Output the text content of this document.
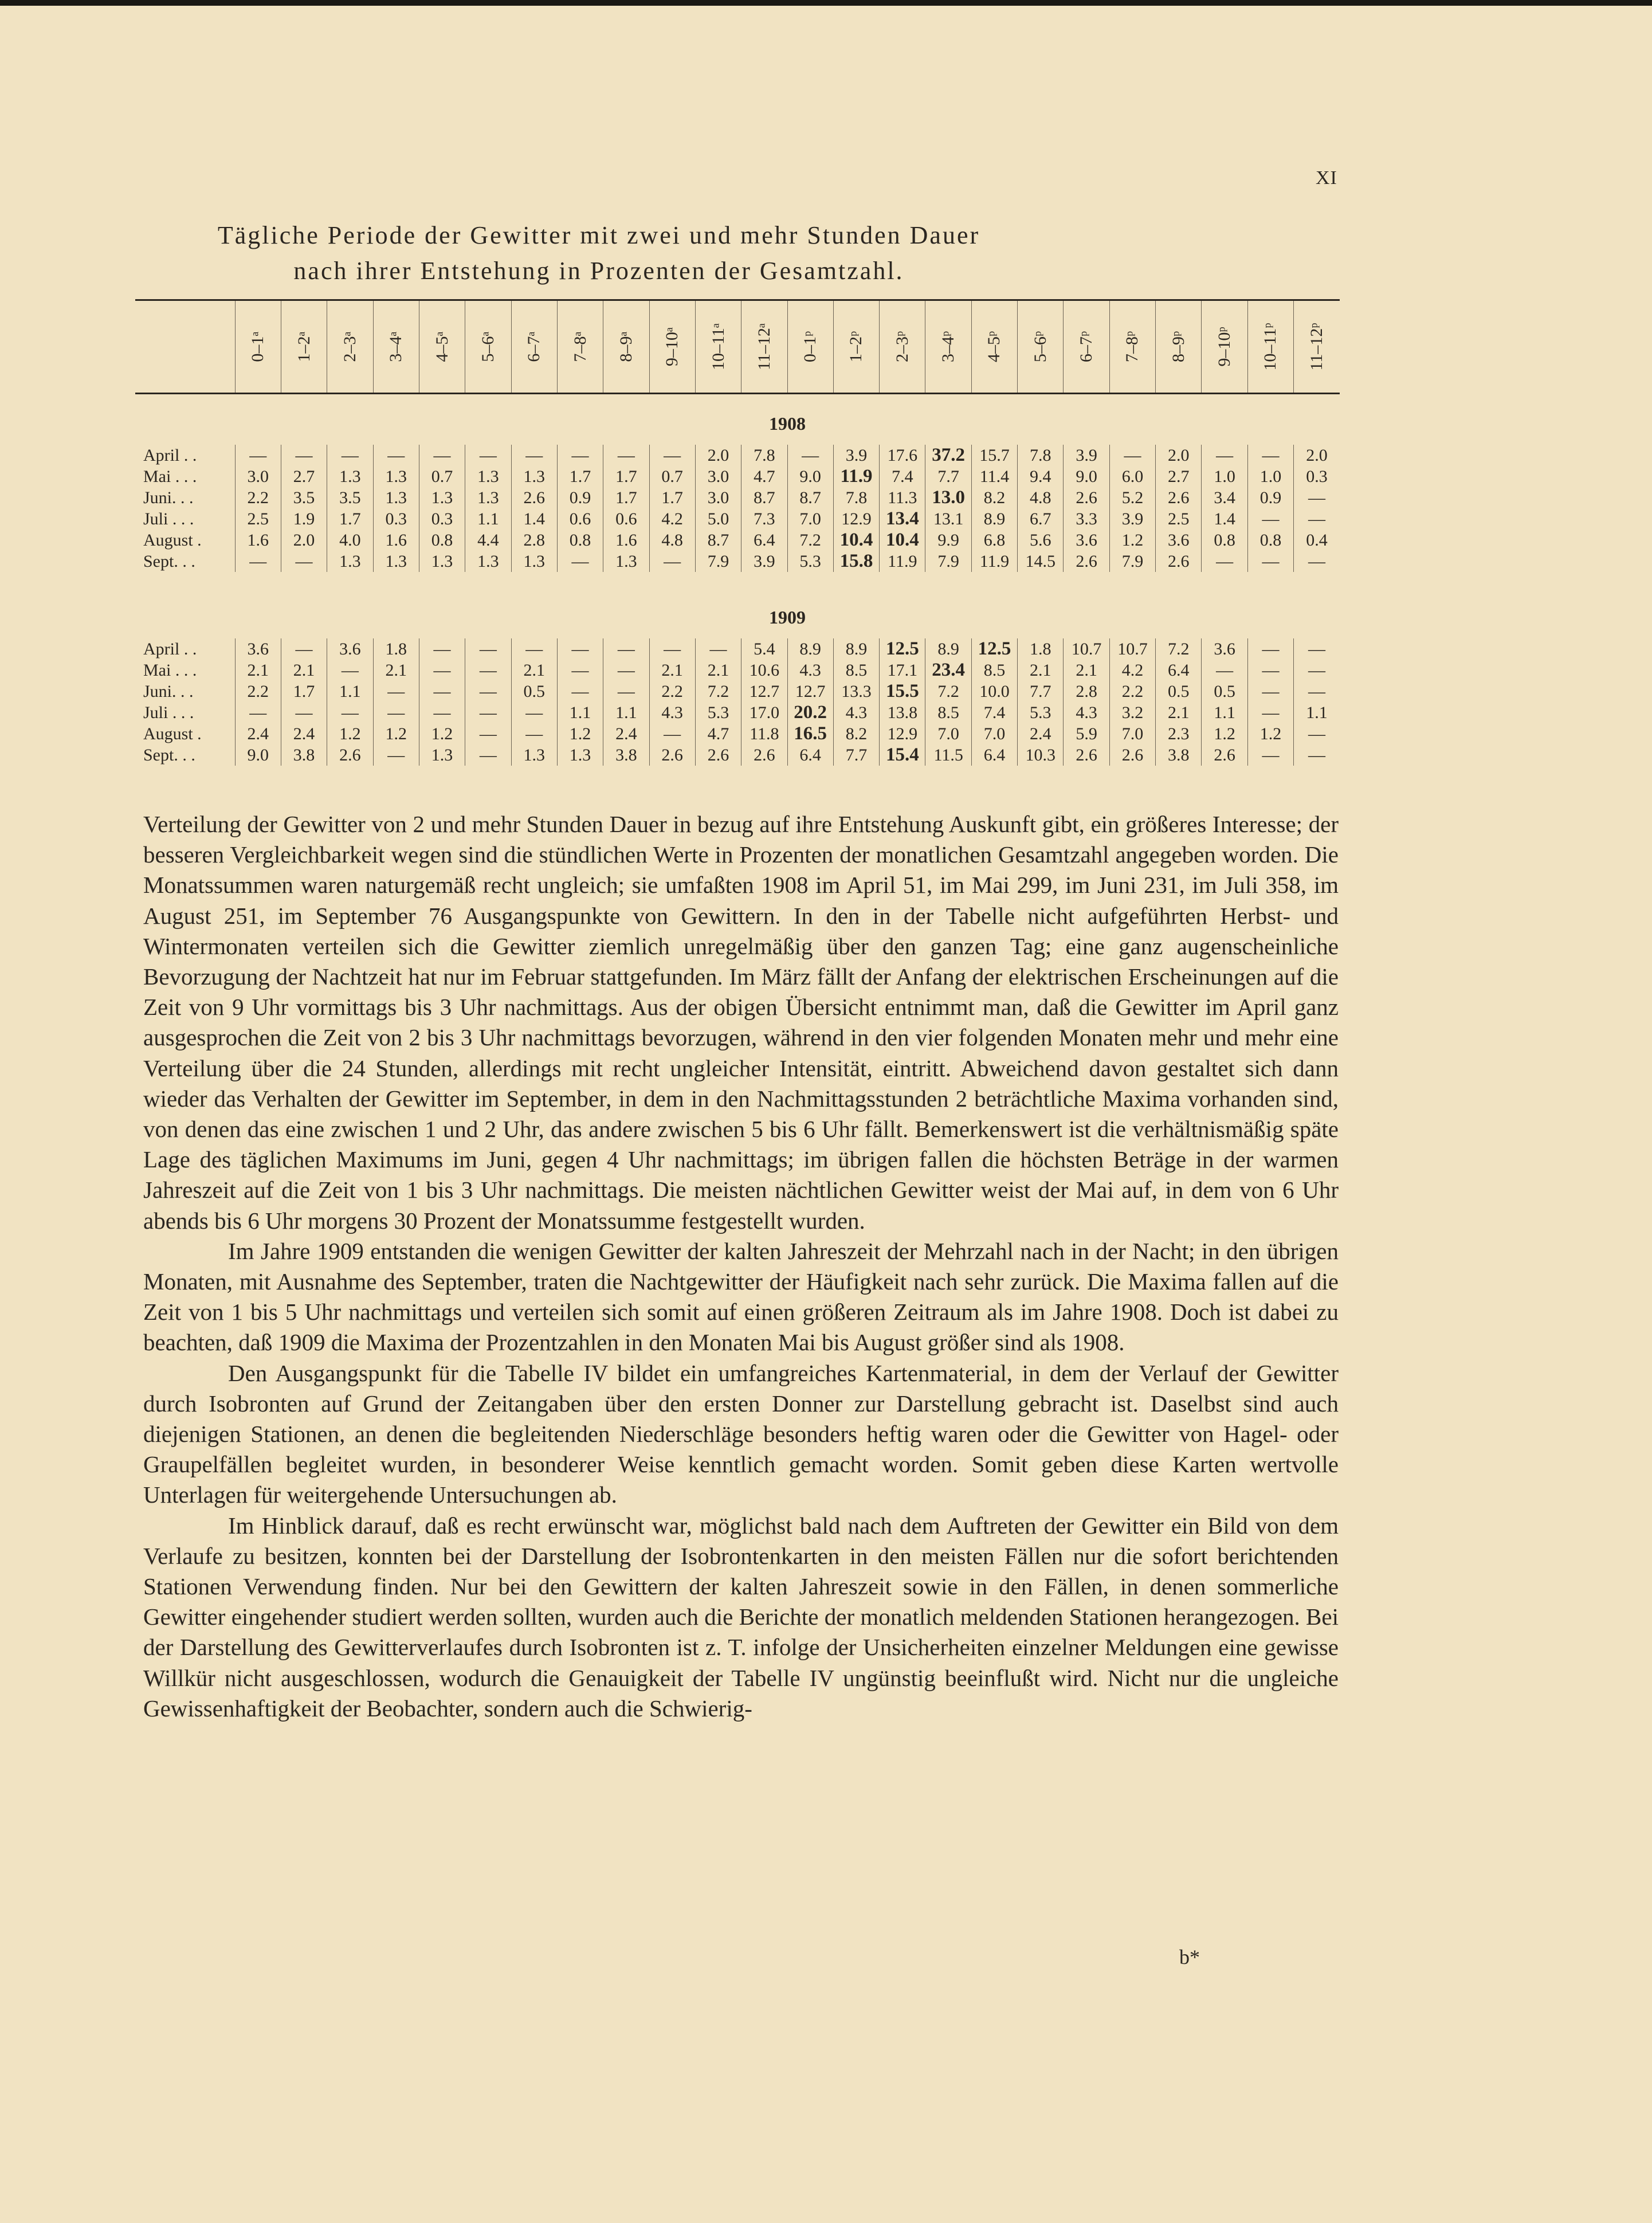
XI
Tägliche Periode der Gewitter mit zwei und mehr Stunden Dauer
nach ihrer Entstehung in Prozenten der Gesamtzahl.

	0–1ᵃ	1–2ᵃ	2–3ᵃ	3–4ᵃ	4–5ᵃ	5–6ᵃ	6–7ᵃ	7–8ᵃ	8–9ᵃ	9–10ᵃ	10–11ᵃ	11–12ᵃ	0–1ᵖ	1–2ᵖ	2–3ᵖ	3–4ᵖ	4–5ᵖ	5–6ᵖ	6–7ᵖ	7–8ᵖ	8–9ᵖ	9–10ᵖ	10–11ᵖ	11–12ᵖ

	1908																							
April . .	—	—	—	—	—	—	—	—	—	—	2.0	7.8	—	3.9	17.6	37.2	15.7	7.8	3.9	—	2.0	—	—	2.0
Mai . . .	3.0	2.7	1.3	1.3	0.7	1.3	1.3	1.7	1.7	0.7	3.0	4.7	9.0	11.9	7.4	7.7	11.4	9.4	9.0	6.0	2.7	1.0	1.0	0.3
Juni. . .	2.2	3.5	3.5	1.3	1.3	1.3	2.6	0.9	1.7	1.7	3.0	8.7	8.7	7.8	11.3	13.0	8.2	4.8	2.6	5.2	2.6	3.4	0.9	—
Juli . . .	2.5	1.9	1.7	0.3	0.3	1.1	1.4	0.6	0.6	4.2	5.0	7.3	7.0	12.9	13.4	13.1	8.9	6.7	3.3	3.9	2.5	1.4	—	—
August .	1.6	2.0	4.0	1.6	0.8	4.4	2.8	0.8	1.6	4.8	8.7	6.4	7.2	10.4	10.4	9.9	6.8	5.6	3.6	1.2	3.6	0.8	0.8	0.4
Sept. . .	—	—	1.3	1.3	1.3	1.3	1.3	—	1.3	—	7.9	3.9	5.3	15.8	11.9	7.9	11.9	14.5	2.6	7.9	2.6	—	—	—

	1909																							
April . .	3.6	—	3.6	1.8	—	—	—	—	—	—	—	5.4	8.9	8.9	12.5	8.9	12.5	1.8	10.7	10.7	7.2	3.6	—	—
Mai . . .	2.1	2.1	—	2.1	—	—	2.1	—	—	2.1	2.1	10.6	4.3	8.5	17.1	23.4	8.5	2.1	2.1	4.2	6.4	—	—	—
Juni. . .	2.2	1.7	1.1	—	—	—	0.5	—	—	2.2	7.2	12.7	12.7	13.3	15.5	7.2	10.0	7.7	2.8	2.2	0.5	0.5	—	—
Juli . . .	—	—	—	—	—	—	—	1.1	1.1	4.3	5.3	17.0	20.2	4.3	13.8	8.5	7.4	5.3	4.3	3.2	2.1	1.1	—	1.1
August .	2.4	2.4	1.2	1.2	1.2	—	—	1.2	2.4	—	4.7	11.8	16.5	8.2	12.9	7.0	7.0	2.4	5.9	7.0	2.3	1.2	1.2	—
Sept. . .	9.0	3.8	2.6	—	1.3	—	1.3	1.3	3.8	2.6	2.6	2.6	6.4	7.7	15.4	11.5	6.4	10.3	2.6	2.6	3.8	2.6	—	—

Verteilung der Gewitter von 2 und mehr Stunden Dauer in bezug auf ihre Entstehung Auskunft gibt, ein größeres Interesse; der besseren Vergleichbarkeit wegen sind die stündlichen Werte in Prozenten der monatlichen Gesamtzahl angegeben worden. Die Monatssummen waren naturgemäß recht ungleich; sie umfaßten 1908 im April 51, im Mai 299, im Juni 231, im Juli 358, im August 251, im September 76 Ausgangspunkte von Gewittern. In den in der Tabelle nicht aufgeführten Herbst- und Wintermonaten verteilen sich die Gewitter ziemlich unregelmäßig über den ganzen Tag; eine ganz augenscheinliche Bevorzugung der Nachtzeit hat nur im Februar stattgefunden. Im März fällt der Anfang der elektrischen Erscheinungen auf die Zeit von 9 Uhr vormittags bis 3 Uhr nachmittags. Aus der obigen Übersicht entnimmt man, daß die Gewitter im April ganz ausgesprochen die Zeit von 2 bis 3 Uhr nachmittags bevorzugen, während in den vier folgenden Monaten mehr und mehr eine Verteilung über die 24 Stunden, allerdings mit recht ungleicher Intensität, eintritt. Abweichend davon gestaltet sich dann wieder das Verhalten der Gewitter im September, in dem in den Nachmittagsstunden 2 beträchtliche Maxima vorhanden sind, von denen das eine zwischen 1 und 2 Uhr, das andere zwischen 5 bis 6 Uhr fällt. Bemerkenswert ist die verhältnismäßig späte Lage des täglichen Maximums im Juni, gegen 4 Uhr nachmittags; im übrigen fallen die höchsten Beträge in der warmen Jahreszeit auf die Zeit von 1 bis 3 Uhr nachmittags. Die meisten nächtlichen Gewitter weist der Mai auf, in dem von 6 Uhr abends bis 6 Uhr morgens 30 Prozent der Monatssumme festgestellt wurden.

Im Jahre 1909 entstanden die wenigen Gewitter der kalten Jahreszeit der Mehrzahl nach in der Nacht; in den übrigen Monaten, mit Ausnahme des September, traten die Nachtgewitter der Häufigkeit nach sehr zurück. Die Maxima fallen auf die Zeit von 1 bis 5 Uhr nachmittags und verteilen sich somit auf einen größeren Zeitraum als im Jahre 1908. Doch ist dabei zu beachten, daß 1909 die Maxima der Prozentzahlen in den Monaten Mai bis August größer sind als 1908.

Den Ausgangspunkt für die Tabelle IV bildet ein umfangreiches Kartenmaterial, in dem der Verlauf der Gewitter durch Isobronten auf Grund der Zeitangaben über den ersten Donner zur Darstellung gebracht ist. Daselbst sind auch diejenigen Stationen, an denen die begleitenden Niederschläge besonders heftig waren oder die Gewitter von Hagel- oder Graupelfällen begleitet wurden, in besonderer Weise kenntlich gemacht worden. Somit geben diese Karten wertvolle Unterlagen für weitergehende Untersuchungen ab.

Im Hinblick darauf, daß es recht erwünscht war, möglichst bald nach dem Auftreten der Gewitter ein Bild von dem Verlaufe zu besitzen, konnten bei der Darstellung der Isobrontenkarten in den meisten Fällen nur die sofort berichtenden Stationen Verwendung finden. Nur bei den Gewittern der kalten Jahreszeit sowie in den Fällen, in denen sommerliche Gewitter eingehender studiert werden sollten, wurden auch die Berichte der monatlich meldenden Stationen herangezogen. Bei der Darstellung des Gewitterverlaufes durch Isobronten ist z. T. infolge der Unsicherheiten einzelner Meldungen eine gewisse Willkür nicht ausgeschlossen, wodurch die Genauigkeit der Tabelle IV ungünstig beeinflußt wird. Nicht nur die ungleiche Gewissenhaftigkeit der Beobachter, sondern auch die Schwierig-

b*
